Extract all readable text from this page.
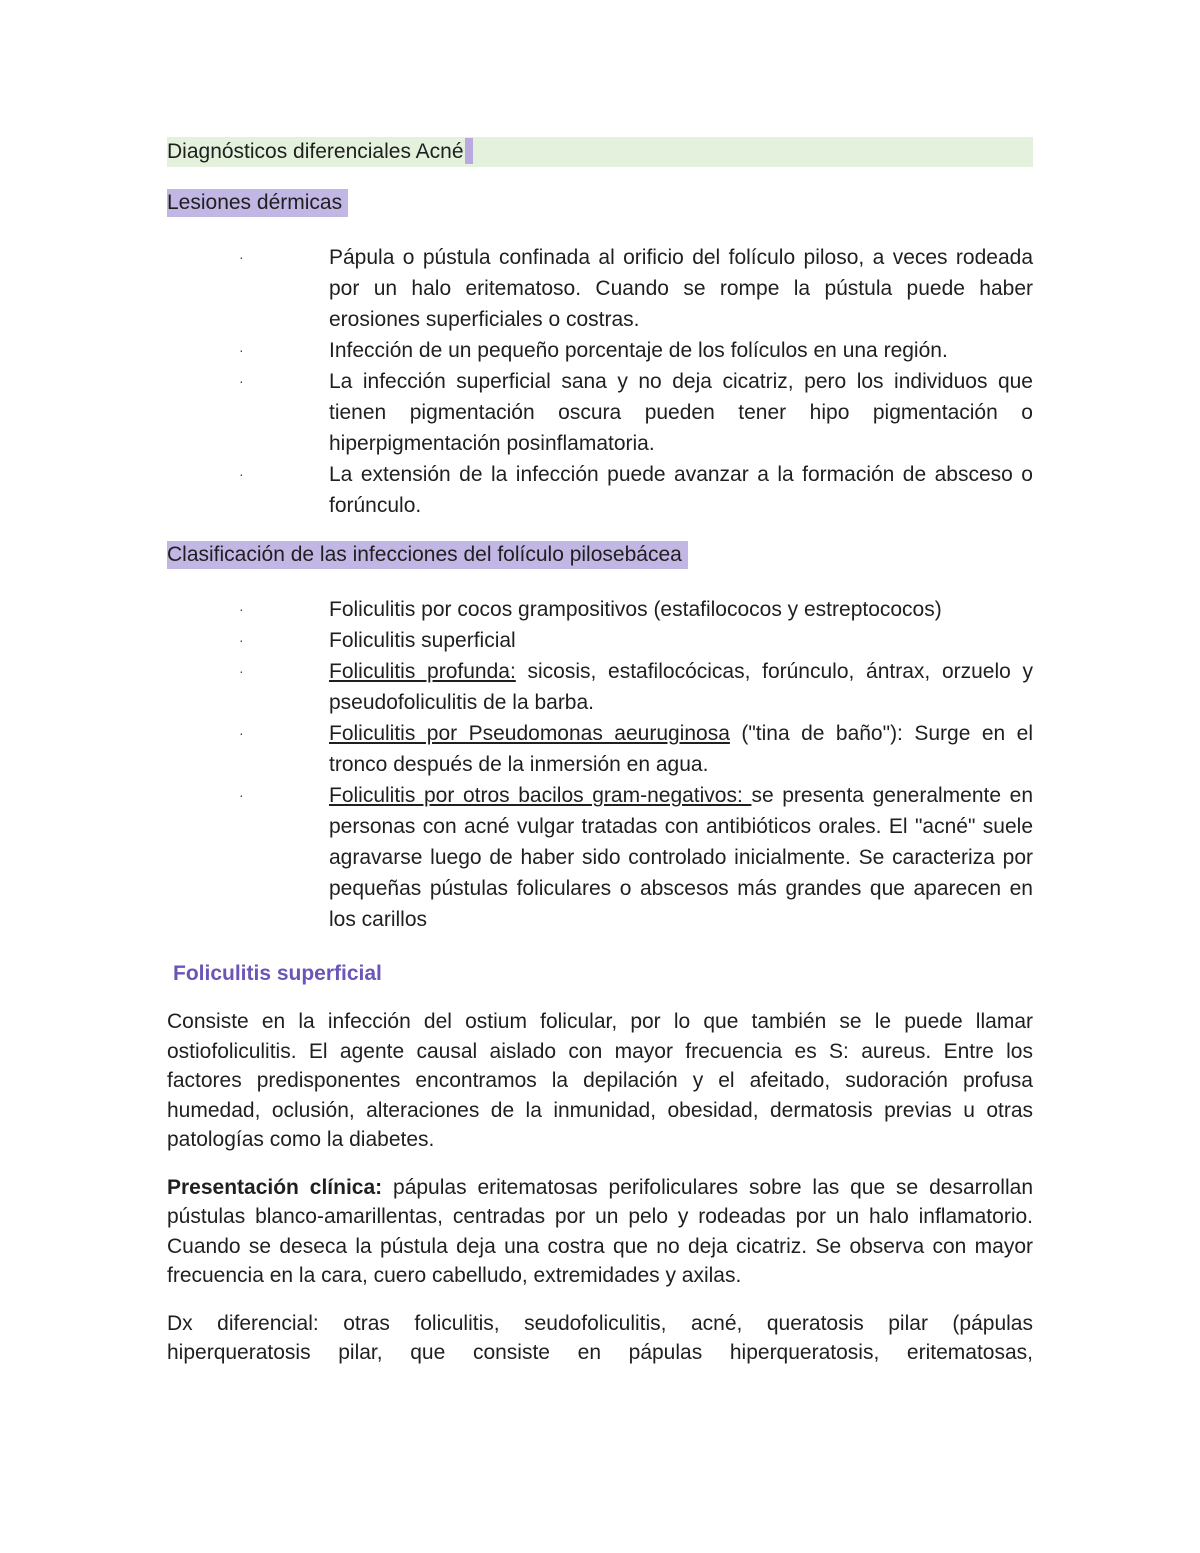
Diagnósticos diferenciales Acné
Lesiones dérmicas
·	Pápula o pústula confinada al orificio del folículo piloso, a veces rodeada por un halo eritematoso. Cuando se rompe la pústula puede haber erosiones superficiales o costras.
·	Infección de un pequeño porcentaje de los folículos en una región.
·	La infección superficial sana y no deja cicatriz, pero los individuos que tienen pigmentación oscura pueden tener hipo pigmentación o hiperpigmentación posinflamatoria.
·	La extensión de la infección puede avanzar a la formación de absceso o forúnculo.
Clasificación de las infecciones del folículo pilosebácea
·	Foliculitis por cocos grampositivos (estafilococos y estreptococos)
·	Foliculitis superficial
·	Foliculitis profunda: sicosis, estafilocócicas, forúnculo, ántrax, orzuelo y pseudofoliculitis de la barba.
·	Foliculitis por Pseudomonas aeuruginosa ("tina de baño"): Surge en el tronco después de la inmersión en agua.
·	Foliculitis por otros bacilos gram-negativos: se presenta generalmente en personas con acné vulgar tratadas con antibióticos orales. El "acné" suele agravarse luego de haber sido controlado inicialmente. Se caracteriza por pequeñas pústulas foliculares o abscesos más grandes que aparecen en los carillos
Foliculitis superficial

Consiste en la infección del ostium folicular, por lo que también se le puede llamar ostiofoliculitis. El agente causal aislado con mayor frecuencia es S: aureus. Entre los factores predisponentes encontramos la depilación y el afeitado, sudoración profusa humedad, oclusión, alteraciones de la inmunidad, obesidad, dermatosis previas u otras patologías como la diabetes.

Presentación clínica: pápulas eritematosas perifoliculares sobre las que se desarrollan pústulas blanco-amarillentas, centradas por un pelo y rodeadas por un halo inflamatorio. Cuando se deseca la pústula deja una costra que no deja cicatriz. Se observa con mayor frecuencia en la cara, cuero cabelludo, extremidades y axilas.

Dx diferencial: otras foliculitis, seudofoliculitis, acné, queratosis pilar (pápulas hiperqueratosis pilar, que consiste en pápulas hiperqueratosis, eritematosas,
